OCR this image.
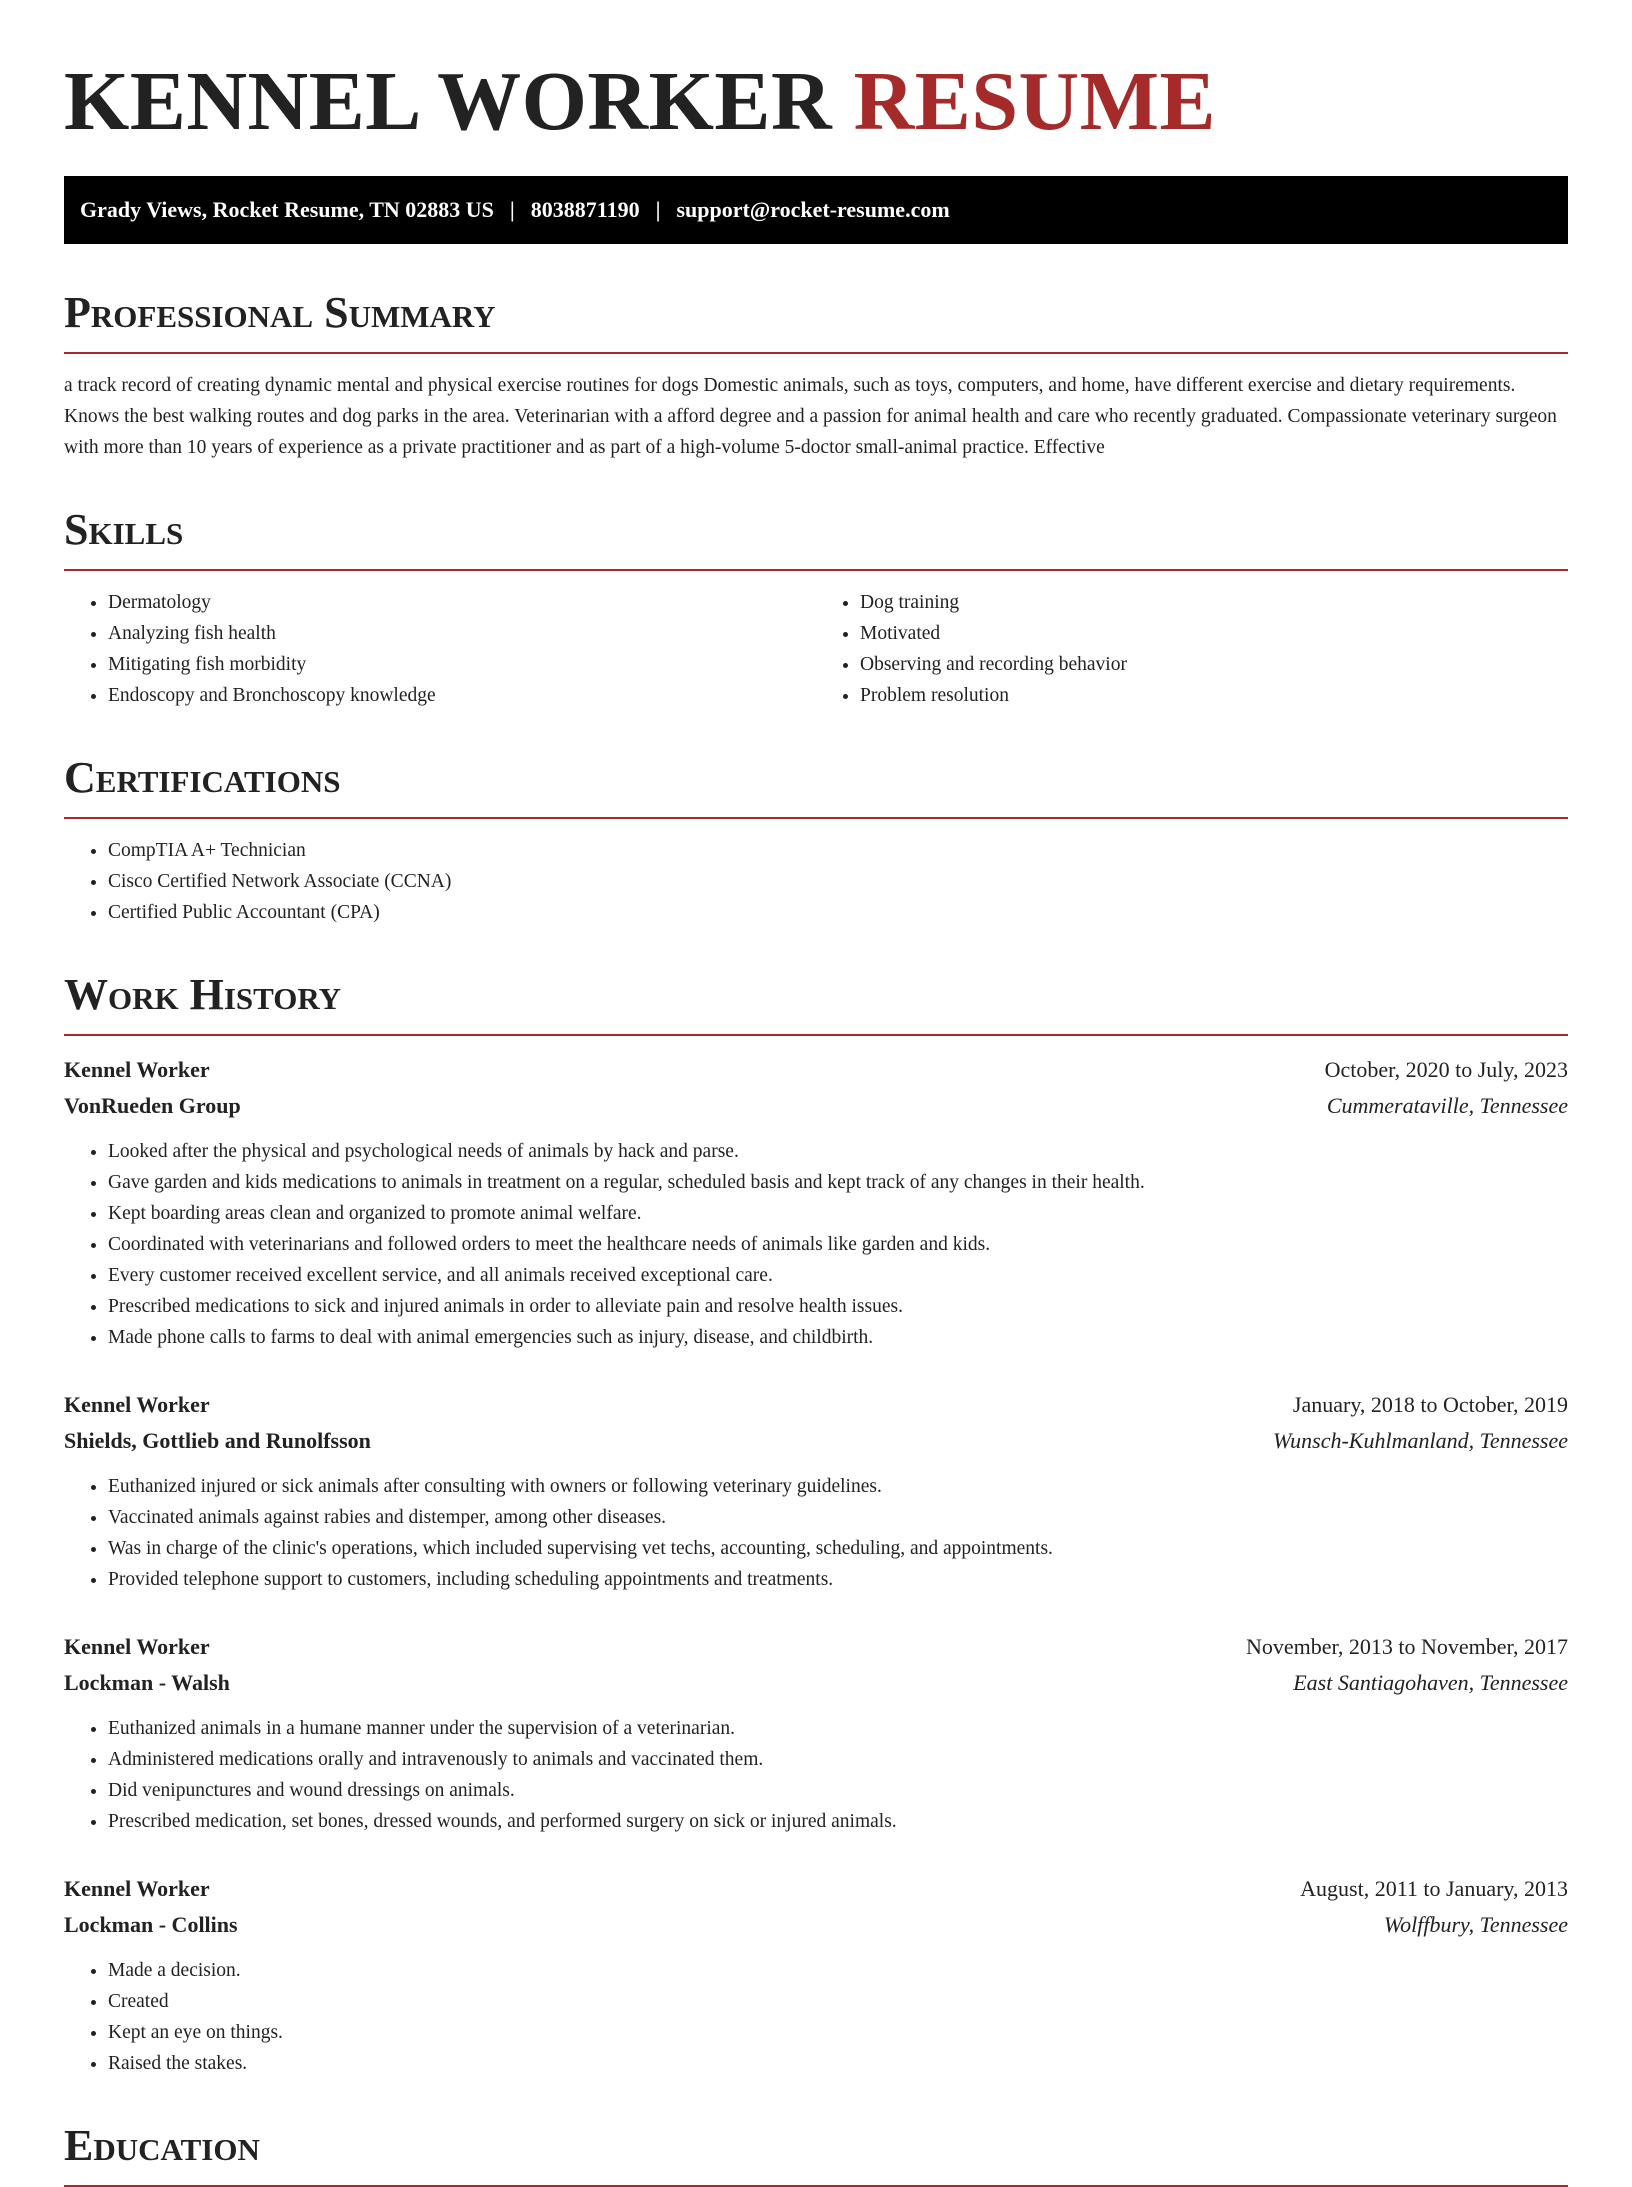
KENNEL WORKER RESUME
Grady Views, Rocket Resume, TN 02883 US | 8038871190 | support@rocket-resume.com
Professional Summary

a track record of creating dynamic mental and physical exercise routines for dogs Domestic animals, such as toys, computers, and home, have different exercise and dietary requirements. Knows the best walking routes and dog parks in the area. Veterinarian with a afford degree and a passion for animal health and care who recently graduated. Compassionate veterinary surgeon with more than 10 years of experience as a private practitioner and as part of a high-volume 5-doctor small-animal practice. Effective

Skills
• Dermatology
• Analyzing fish health
• Mitigating fish morbidity
• Endoscopy and Bronchoscopy knowledge
• Dog training
• Motivated
• Observing and recording behavior
• Problem resolution
Certifications
• CompTIA A+ Technician
• Cisco Certified Network Associate (CCNA)
• Certified Public Accountant (CPA)
Work History
Kennel Worker	October, 2020 to July, 2023
VonRueden Group	Cummerataville, Tennessee
• Looked after the physical and psychological needs of animals by hack and parse.
• Gave garden and kids medications to animals in treatment on a regular, scheduled basis and kept track of any changes in their health.
• Kept boarding areas clean and organized to promote animal welfare.
• Coordinated with veterinarians and followed orders to meet the healthcare needs of animals like garden and kids.
• Every customer received excellent service, and all animals received exceptional care.
• Prescribed medications to sick and injured animals in order to alleviate pain and resolve health issues.
• Made phone calls to farms to deal with animal emergencies such as injury, disease, and childbirth.
Kennel Worker	January, 2018 to October, 2019
Shields, Gottlieb and Runolfsson	Wunsch-Kuhlmanland, Tennessee
• Euthanized injured or sick animals after consulting with owners or following veterinary guidelines.
• Vaccinated animals against rabies and distemper, among other diseases.
• Was in charge of the clinic's operations, which included supervising vet techs, accounting, scheduling, and appointments.
• Provided telephone support to customers, including scheduling appointments and treatments.
Kennel Worker	November, 2013 to November, 2017
Lockman - Walsh	East Santiagohaven, Tennessee
• Euthanized animals in a humane manner under the supervision of a veterinarian.
• Administered medications orally and intravenously to animals and vaccinated them.
• Did venipunctures and wound dressings on animals.
• Prescribed medication, set bones, dressed wounds, and performed surgery on sick or injured animals.
Kennel Worker	August, 2011 to January, 2013
Lockman - Collins	Wolffbury, Tennessee
• Made a decision.
• Created
• Kept an eye on things.
• Raised the stakes.
Education
